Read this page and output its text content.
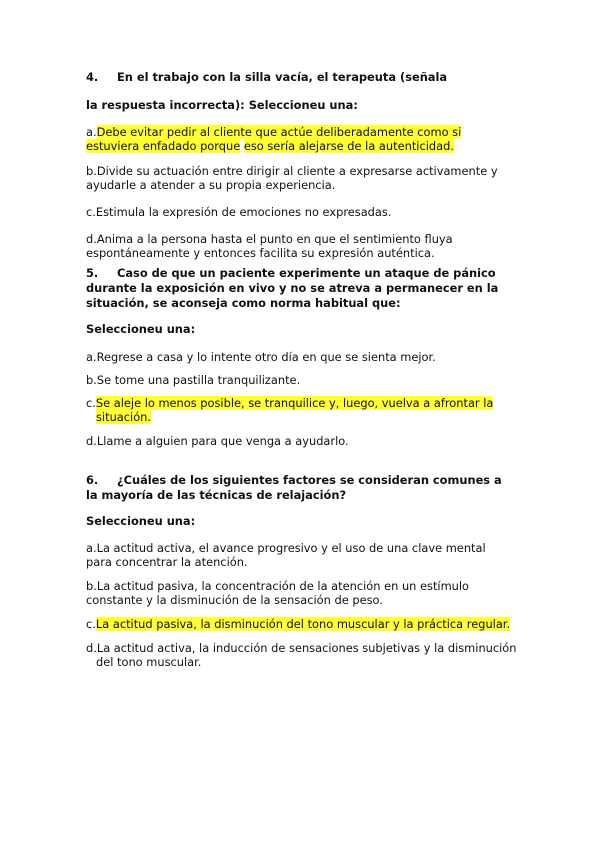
4. En el trabajo con la silla vacía, el terapeuta (señala
la respuesta incorrecta): Seleccioneu una:
a.Debe evitar pedir al cliente que actúe deliberadamente como si
estuviera enfadado porque eso sería alejarse de la autenticidad.
b.Divide su actuación entre dirigir al cliente a expresarse activamente y
ayudarle a atender a su propia experiencia.
c.Estimula la expresión de emociones no expresadas.
d.Anima a la persona hasta el punto en que el sentimiento fluya
espontáneamente y entonces facilita su expresión auténtica.
5. Caso de que un paciente experimente un ataque de pánico
durante la exposición en vivo y no se atreva a permanecer en la
situación, se aconseja como norma habitual que:
Seleccioneu una:
a.Regrese a casa y lo intente otro día en que se sienta mejor.
b.Se tome una pastilla tranquilizante.
c.Se aleje lo menos posible, se tranquilice y, luego, vuelva a afrontar la
situación.
d.Llame a alguien para que venga a ayudarlo.
6. ¿Cuáles de los siguientes factores se consideran comunes a
la mayoría de las técnicas de relajación?
Seleccioneu una:
a.La actitud activa, el avance progresivo y el uso de una clave mental
para concentrar la atención.
b.La actitud pasiva, la concentración de la atención en un estímulo
constante y la disminución de la sensación de peso.
c.La actitud pasiva, la disminución del tono muscular y la práctica regular.
d.La actitud activa, la inducción de sensaciones subjetivas y la disminución
del tono muscular.
